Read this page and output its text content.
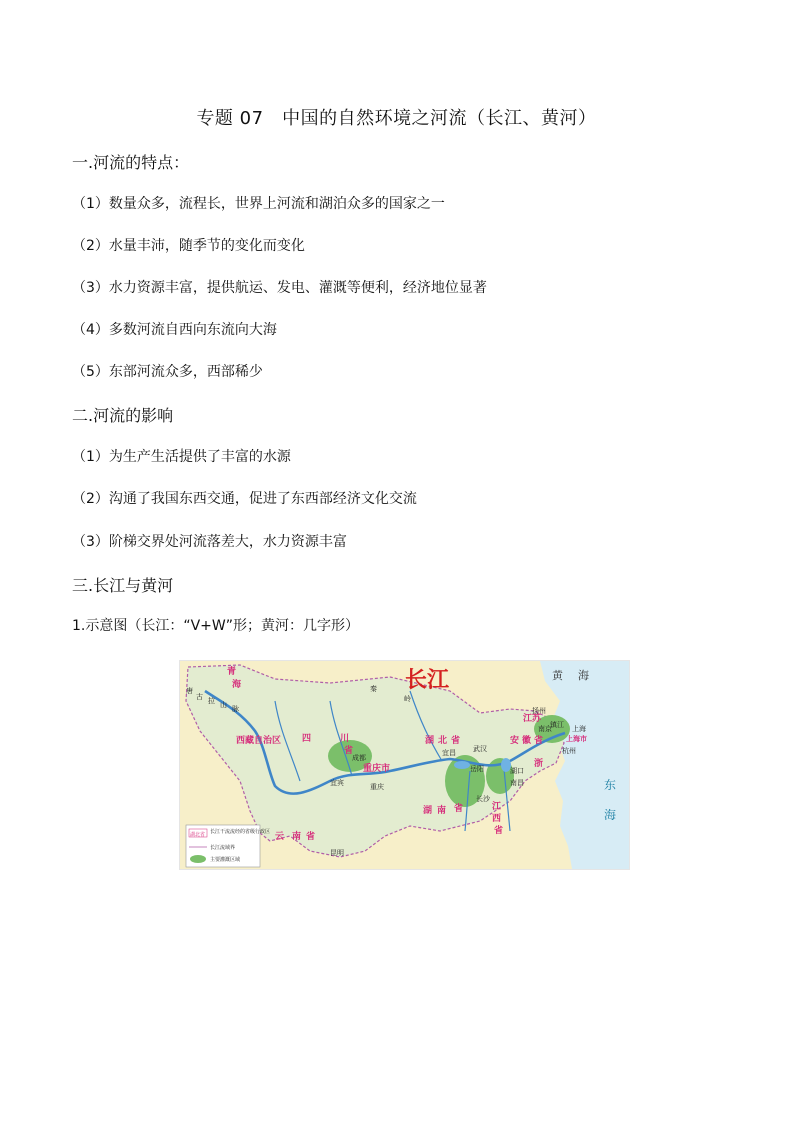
专题 07　中国的自然环境之河流（长江、黄河）
一.河流的特点：
（1）数量众多，流程长，世界上河流和湖泊众多的国家之一
（2）水量丰沛，随季节的变化而变化
（3）水力资源丰富，提供航运、发电、灌溉等便利，经济地位显著
（4）多数河流自西向东流向大海
（5）东部河流众多，西部稀少
二.河流的影响
（1）为生产生活提供了丰富的水源
（2）沟通了我国东西交通，促进了东西部经济文化交流
（3）阶梯交界处河流落差大，水力资源丰富
三.长江与黄河
1.示意图（长江：“V+W”形；黄河：几字形）
长江	黄 海
东
海
青
海
西藏自治区 四	川
省
重庆市
湖 北 省
湖 南 省	江
西
省
安 徽 省
云 南 省
江苏
上海市
浙
唐
古 拉 山 脉
成都
宜宾	重庆
宜昌 武汉
岳阳
长沙
南昌
湖口
南京
镇江
扬州
上海
杭州
昆明
秦
岭
湖北省 长江干流流经的省级行政区
长江流域界
主要灌溉区域
